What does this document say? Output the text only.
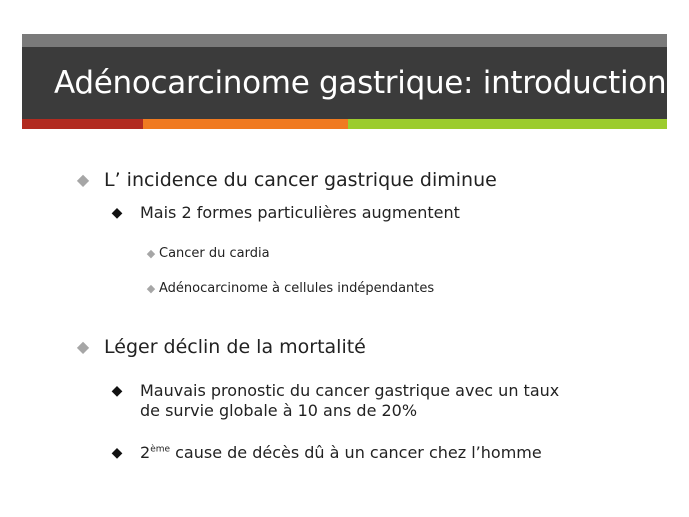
Adénocarcinome gastrique: introduction
◆ L’ incidence du cancer gastrique diminue
◆ Mais 2 formes particulières augmentent
◆ Cancer du cardia
◆ Adénocarcinome à cellules indépendantes
◆ Léger déclin de la mortalité
◆ Mauvais pronostic du cancer gastrique avec un taux
de survie globale à 10 ans de 20%
◆ 2ème cause de décès dû à un cancer chez l’homme
